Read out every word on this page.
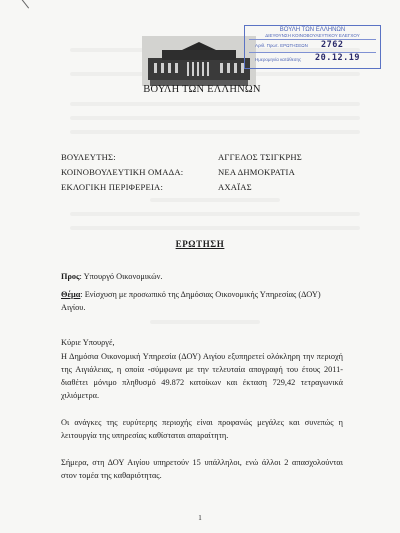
ΒΟΥΛΗ ΤΩΝ ΕΛΛΗΝΩΝ
ΒΟΥΛΗ ΤΩΝ ΕΛΛΗΝΩΝ
ΔΙΕΥΘΥΝΣΗ ΚΟΙΝΟΒΟΥΛΕΥΤΙΚΟΥ ΕΛΕΓΧΟΥ
Αριθ. Πρωτ. ΕΡΩΤΗΣΕΩΝ 2762
Ημερομηνία κατάθεσης 20.12.19
ΒΟΥΛΕΥΤΗΣ:	ΑΓΓΕΛΟΣ ΤΣΙΓΚΡΗΣ
ΚΟΙΝΟΒΟΥΛΕΥΤΙΚΗ ΟΜΑΔΑ:	ΝΕΑ ΔΗΜΟΚΡΑΤΙΑ
ΕΚΛΟΓΙΚΗ ΠΕΡΙΦΕΡΕΙΑ:	ΑΧΑΪΑΣ
ΕΡΩΤΗΣΗ
Προς: Υπουργό Οικονομικών.
Θέμα: Ενίσχυση με προσωπικό της Δημόσιας Οικονομικής Υπηρεσίας (ΔΟΥ) Αιγίου.
Κύριε Υπουργέ,
Η Δημόσια Οικονομική Υπηρεσία (ΔΟΥ) Αιγίου εξυπηρετεί ολόκληρη την περιοχή της Αιγιάλειας, η οποία -σύμφωνα με την τελευταία απογραφή του έτους 2011- διαθέτει μόνιμο πληθυσμό 49.872 κατοίκων και έκταση 729,42 τετραγωνικά χιλιόμετρα.
Οι ανάγκες της ευρύτερης περιοχής είναι προφανώς μεγάλες και συνεπώς η λειτουργία της υπηρεσίας καθίσταται απαραίτητη.
Σήμερα, στη ΔΟΥ Αιγίου υπηρετούν 15 υπάλληλοι, ενώ άλλοι 2 απασχολούνται στον τομέα της καθαριότητας.
1
